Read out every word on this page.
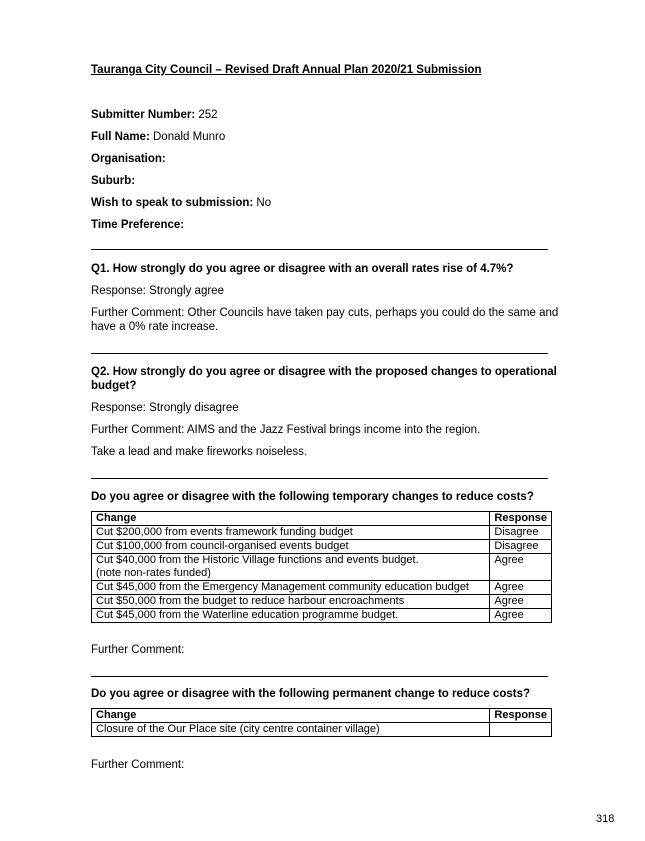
Tauranga City Council – Revised Draft Annual Plan 2020/21 Submission
Submitter Number: 252
Full Name: Donald Munro
Organisation:
Suburb:
Wish to speak to submission: No
Time Preference:
Q1. How strongly do you agree or disagree with an overall rates rise of 4.7%?
Response: Strongly agree
Further Comment: Other Councils have taken pay cuts, perhaps you could do the same and
have a 0% rate increase.
Q2. How strongly do you agree or disagree with the proposed changes to operational
budget?
Response: Strongly disagree
Further Comment: AIMS and the Jazz Festival brings income into the region.
Take a lead and make fireworks noiseless.
Do you agree or disagree with the following temporary changes to reduce costs?
Change	Response
Cut $200,000 from events framework funding budget	Disagree
Cut $100,000 from council-organised events budget	Disagree

Cut $40,000 from the Historic Village functions and events budget.
(note non-rates funded)	Agree
Cut $45,000 from the Emergency Management community education budget	Agree
Cut $50,000 from the budget to reduce harbour encroachments	Agree
Cut $45,000 from the Waterline education programme budget.	Agree
Further Comment:
Do you agree or disagree with the following permanent change to reduce costs?
Change	Response
Closure of the Our Place site (city centre container village)	
Further Comment:
318
